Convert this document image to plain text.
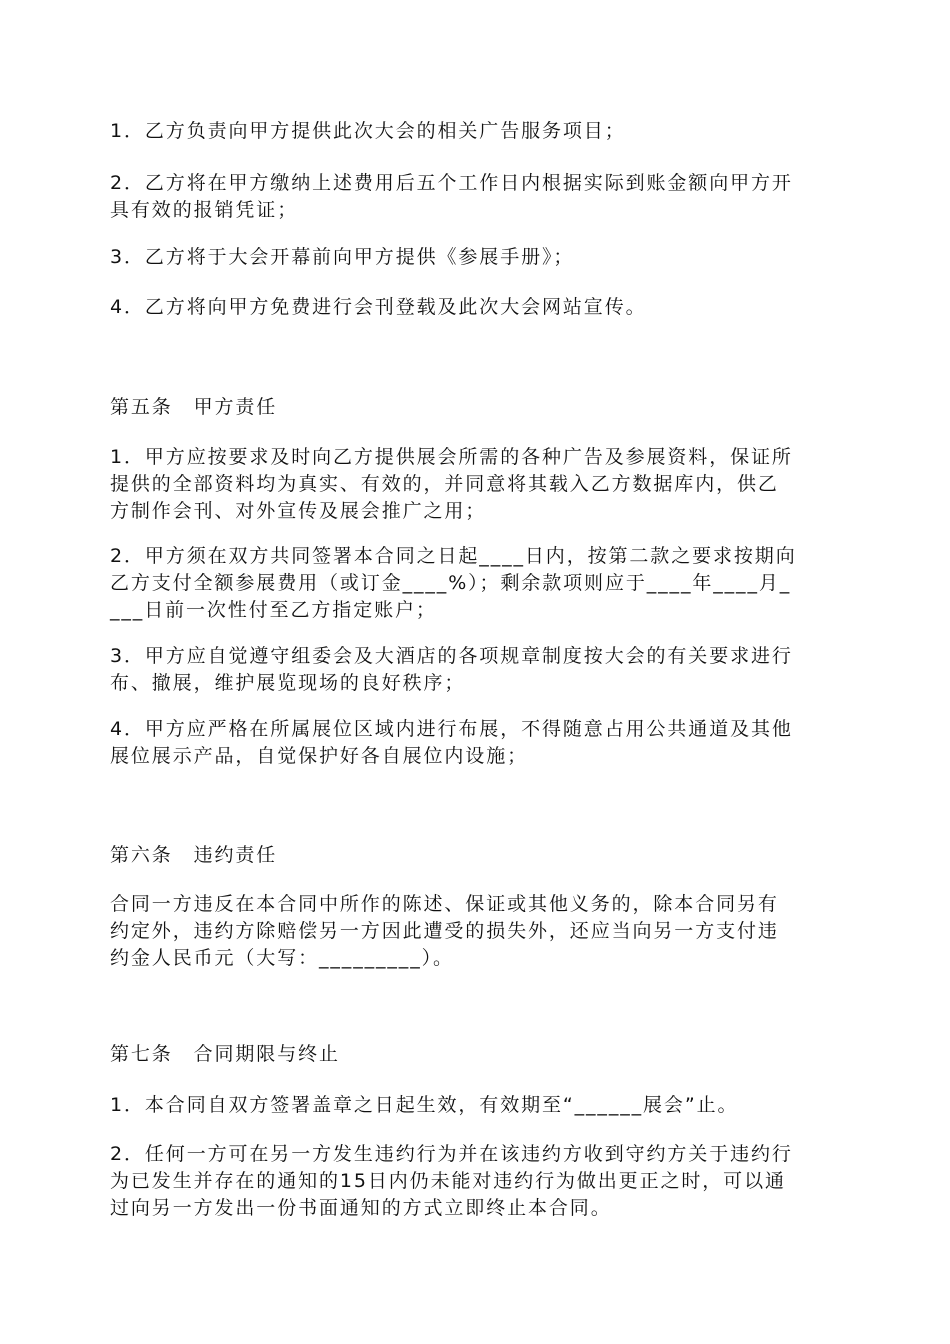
1．乙方负责向甲方提供此次大会的相关广告服务项目；
2．乙方将在甲方缴纳上述费用后五个工作日内根据实际到账金额向甲方开
具有效的报销凭证；
3．乙方将于大会开幕前向甲方提供《参展手册》；
4．乙方将向甲方免费进行会刊登载及此次大会网站宣传。
第五条　甲方责任
1．甲方应按要求及时向乙方提供展会所需的各种广告及参展资料，保证所
提供的全部资料均为真实、有效的，并同意将其载入乙方数据库内，供乙
方制作会刊、对外宣传及展会推广之用；
2．甲方须在双方共同签署本合同之日起____日内，按第二款之要求按期向
乙方支付全额参展费用（或订金____%）；剩余款项则应于____年____月_
___日前一次性付至乙方指定账户；
3．甲方应自觉遵守组委会及大酒店的各项规章制度按大会的有关要求进行
布、撤展，维护展览现场的良好秩序；
4．甲方应严格在所属展位区域内进行布展，不得随意占用公共通道及其他
展位展示产品，自觉保护好各自展位内设施；
第六条　违约责任
合同一方违反在本合同中所作的陈述、保证或其他义务的，除本合同另有
约定外，违约方除赔偿另一方因此遭受的损失外，还应当向另一方支付违
约金人民币元（大写：_________）。
第七条　合同期限与终止
1．本合同自双方签署盖章之日起生效，有效期至“______展会”止。
2．任何一方可在另一方发生违约行为并在该违约方收到守约方关于违约行
为已发生并存在的通知的15日内仍未能对违约行为做出更正之时，可以通
过向另一方发出一份书面通知的方式立即终止本合同。
